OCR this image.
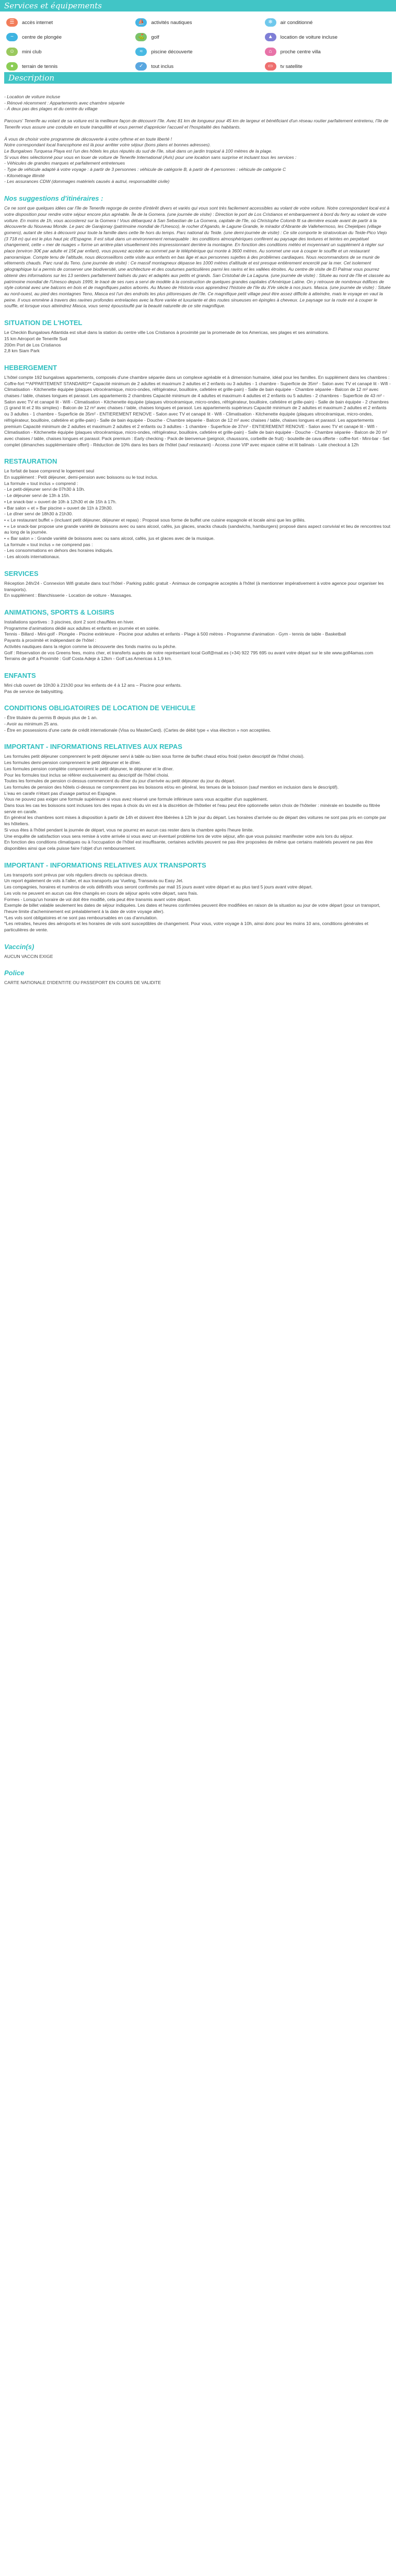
Services et équipements
☰	accès internet	⛵	activités nautiques	❄	air conditionné
~	centre de plongée	⛳	golf	▲	location de voiture incluse
☺	mini club	≈	piscine découverte	⌂	proche centre villa
●	terrain de tennis	✓	tout inclus	▭	tv satellite
Description
- Location de voiture incluse
- Rénové récemment : Appartements avec chambre séparée
- À deux pas des plages et du centre du village
Parcours' Tenerife au volant de sa voiture est la meilleure façon de découvrir l'île. Avec 81 km de longueur pour 45 km de largeur et bénéficiant d'un réseau routier parfaitement entretenu, l'île de Tenerife vous assure une conduite en toute tranquillité et vous permet d'apprécier l'accueil et l'hospitalité des habitants.
À vous de choisir votre programme de découverte à votre rythme et en toute liberté !
Notre correspondant local francophone est là pour arrêter votre séjour (bons plans et bonnes adresses).
Le Bungalows Turquesa Playa est l'un des hôtels les plus réputés du sud de l'île, situé dans un jardin tropical à 100 mètres de la plage.
Si vous êtes sélectionné pour vous en louer de voiture de Tenerife International (Avis) pour une location sans surprise et incluant tous les services :
- Véhicules de grandes marques et parfaitement entretenues
- Type de véhicule adapté à votre voyage : à partir de 3 personnes : véhicule de catégorie B, à partir de 4 personnes : véhicule de catégorie C
- Kilométrage illimité
- Les assurances CDW (dommages matériels causés à autrui, responsabilité civile)
Nos suggestions d'itinéraires :
Ce ne sont que quelques idées car l'île de Tenerife regorge de centre d'intérêt divers et variés qui vous sont très facilement accessibles au volant de votre voiture. Notre correspondant local est à votre disposition pour rendre votre séjour encore plus agréable. Île de la Gomera. (une journée de visite) : Direction le port de Los Cristianos et embarquement à bord du ferry au volant de votre voiture. En moins de 1h, vous accosterez sur la Gomera ! Vous débarquez à San Sebastian de La Gomera, capitale de l'île, où Christophe Colomb fit sa dernière escale avant de partir à la découverte du Nouveau Monde. Le parc de Garajonay (patrimoine mondial de l'Unesco), le rocher d'Agando, le Lagune Grande, le mirador d'Abrante de Vallehermoso, les Chejelipes (village gomero), autant de sites à découvrir pour toute la famille dans cette île hors du temps. Parc national du Teide. (une demi-journée de visite) : Ce site comporte le stratovolcan du Teide-Pico Viejo (3 718 m) qui est le plus haut pic d'Espagne. Il est situé dans un environnement remarquable : les conditions atmosphériques confèrent au paysage des textures et teintes en perpétuel changement, cette « mer de nuages » forme un arrière-plan visuellement très impressionnant derrière la montagne. En fonction des conditions météo et moyennant un supplément à régler sur place (environ 30€ par adulte et 15€ par enfant), vous pouvez accéder au sommet par le téléphérique qui monte à 3600 mètres. Au sommet une vue à couper le souffle et un restaurant panoramique. Compte tenu de l'altitude, nous déconseillons cette visite aux enfants en bas âge et aux personnes sujettes à des problèmes cardiaques. Nous recommandons de se munir de vêtements chauds. Parc rural du Teno. (une journée de visite) : Ce massif montagneux dépasse les 1000 mètres d'altitude et est presque entièrement encerclé par la mer. Cet isolement géographique lui a permis de conserver une biodiversité, une architecture et des coutumes particulières parmi les ravins et les vallées étroites. Au centre de visite de El Palmar vous pourrez obtenir des informations sur les 13 sentiers parfaitement balisés du parc et adaptés aux petits et grands. San Cristobal de La Laguna. (une journée de visite) : Située au nord de l'île et classée au patrimoine mondial de l'Unesco depuis 1999, le tracé de ses rues a servi de modèle à la construction de quelques grandes capitales d'Amérique Latine. On y retrouve de nombreux édifices de style colonial avec une balcons en bois et de magnifiques patios arborés. Au Museo de Historia vous apprendrez l'histoire de l'île du XVe siècle à nos jours. Masca. (une journée de visite) : Située au nord-ouest, au pied des montagnes Teno, Masca est l'un des endroits les plus pittoresques de l'île. Ce magnifique petit village peut être assez difficile à atteindre, mais le voyage en vaut la peine. Il vous emmène à travers des ravines profondes entrelacées avec la flore variée et luxuriante et des routes sinueuses en épingles à cheveux. Le paysage sur la route est à couper le souffle, et lorsque vous atteindrez Masca, vous serez époustouflé par la beauté naturelle de ce site magnifique.
SITUATION DE L'HOTEL
Le Checkin Bungalows Atlantida est situé dans la station du centre ville Los Cristianos à proximité par la promenade de los Americas, ses plages et ses animations.
15 km Aéroport de Tenerife Sud
200m Port de Los Cristianos
2,8 km Siam Park
HEBERGEMENT
L'hôtel compte 192 bungalows appartements, composés d'une chambre séparée dans un complexe agréable et à dimension humaine, idéal pour les familles. En supplément dans les chambres : Coffre-fort **APPARTEMENT STANDARD** Capacité minimum de 2 adultes et maximum 2 adultes et 2 enfants ou 3 adultes - 1 chambre - Superficie de 35m² - Salon avec TV et canapé lit - Wifi - Climatisation - Kitchenette équipée (plaques vitrocéramique, micro-ondes, réfrigérateur, bouilloire, cafetière et grille-pain) - Salle de bain équipée - Chambre séparée - Balcon de 12 m² avec chaises / table, chaises longues et parasol. Les appartements 2 chambres Capacité minimum de 4 adultes et maximum 4 adultes et 2 enfants ou 5 adultes - 2 chambres - Superficie de 43 m² - Salon avec TV et canapé lit - Wifi - Climatisation - Kitchenette équipée (plaques vitrocéramique, micro-ondes, réfrigérateur, bouilloire, cafetière et grille-pain) - Salle de bain équipée - 2 chambres (1 grand lit et 2 lits simples) - Balcon de 12 m² avec chaises / table, chaises longues et parasol. Les appartements supérieurs Capacité minimum de 2 adultes et maximum 2 adultes et 2 enfants ou 3 adultes - 1 chambre - Superficie de 35m² - ENTIEREMENT RENOVE - Salon avec TV et canapé lit - Wifi - Climatisation - Kitchenette équipée (plaques vitrocéramique, micro-ondes, réfrigérateur, bouilloire, cafetière et grille-pain) - Salle de bain équipée - Douche - Chambre séparée - Balcon de 12 m² avec chaises / table, chaises longues et parasol. Les appartements premium Capacité minimum de 2 adultes et maximum 2 adultes et 2 enfants ou 3 adultes - 1 chambre - Superficie de 37m² - ENTIEREMENT RENOVE - Salon avec TV et canapé lit - Wifi - Climatisation - Kitchenette équipée (plaques vitrocéramique, micro-ondes, réfrigérateur, bouilloire, cafetière et grille-pain) - Salle de bain équipée - Douche - Chambre séparée - Balcon de 20 m² avec chaises / table, chaises longues et parasol. Pack premium : Early checking - Pack de bienvenue (peignoir, chaussons, corbeille de fruit) - bouteille de cava offerte - coffre-fort - Mini-bar - Set complet (dimanches supplémentaire offert) - Réduction de 10% dans les bars de l'hôtel (sauf restaurant) - Access zone VIP avec espace calme et lit balinais - Late checkout à 12h
RESTAURATION
Le forfait de base comprend le logement seul
En supplément : Petit déjeuner, demi-pension avec boissons ou le tout inclus.
La formule « tout inclus » comprend :
- Le petit-déjeuner servi de 07h30 à 10h.
- Le déjeuner servi de 13h à 15h.
• Le snack-bar » ouvert de 10h à 12h30 et de 15h à 17h.
• Bar salon « et » Bar piscine » ouvert de 11h à 23h30.
- Le dîner servi de 18h30 à 21h30.
• « Le restaurant buffet » (incluant petit déjeuner, déjeuner et repas) : Proposé sous forme de buffet une cuisine espagnole et locale ainsi que les grillés.
• « Le snack-bar propose une grande variété de boissons avec ou sans alcool, cafés, jus glaces, snacks chauds (sandwichs, hamburgers) proposé dans aspect convivial et lieu de rencontres tout au long de la journée.
• « Bar salon » : Grande variété de boissons avec ou sans alcool, cafés, jus et glaces avec de la musique.
La formule « tout inclus » ne comprend pas :
- Les consommations en dehors des horaires indiqués.
- Les alcools internationaux.
SERVICES
Réception 24h/24 - Connexion Wifi gratuite dans tout l'hôtel - Parking public gratuit - Animaux de compagnie acceptés à l'hôtel (à mentionner impérativement à votre agence pour organiser les transports).
En supplément : Blanchisserie - Location de voiture - Massages.
ANIMATIONS, SPORTS & LOISIRS
Installations sportives : 3 piscines, dont 2 sont chauffées en hiver.
Programme d'animations dédié aux adultes et enfants en journée et en soirée.
Tennis - Billard - Mini-golf - Plongée - Piscine extérieure - Piscine pour adultes et enfants - Plage à 500 mètres - Programme d'animation - Gym - tennis de table - Basketball
Payants à proximité et indépendant de l'hôtel :
Activités nautiques dans la région comme la découverte des fonds marins ou la pêche.
Golf : Réservation de vos Greens fees, moins cher, et transferts auprès de notre représentant local Golf@mail.es (+34) 922 795 695 ou avant votre départ sur le site www.golf4amas.com
Terrains de golf à Proximité : Golf Costa Adeje à 12km - Golf Las Americas à 1,9 km.
ENFANTS
Mini club ouvert de 10h30 à 21h30 pour les enfants de 4 à 12 ans – Piscine pour enfants.
Pas de service de babysitting.
CONDITIONS OBLIGATOIRES DE LOCATION DE VEHICULE
- Être titulaire du permis B depuis plus de 1 an.
- Avoir au minimum 25 ans.
- Être en possessions d'une carte de crédit internationale (Visa ou MasterCard). (Cartes de débit type « visa électron » non acceptées.
IMPORTANT - INFORMATIONS RELATIVES AUX REPAS
Les formules petit déjeuner comprennent le petit déjeuner servi à table ou bien sous forme de buffet chaud et/ou froid (selon descriptif de l'hôtel choisi).
Les formules demi-pension comprennent le petit déjeuner et le dîner.
Les formules pension complète comprennent le petit déjeuner, le déjeuner et le dîner.
Pour les formules tout inclus se référer exclusivement au descriptif de l'hôtel choisi.
Toutes les formules de pension ci-dessus commencent du dîner du jour d'arrivée au petit déjeuner du jour du départ.
Les formules de pension des hôtels ci-dessus ne comprennent pas les boissons et/ou en général, les tenues de la boisson (sauf mention en inclusion dans le descriptif).
L'eau en carafe n'étant pas d'usage partout en Espagne.
Vous ne pouvez pas exiger une formule supérieure si vous avez réservé une formule inférieure sans vous acquitter d'un supplément.
Dans tous les cas les boissons sont incluses lors des repas à choix du vin est à la discrétion de l'hôtelier et l'eau peut être optionnelle selon choix de l'hôtelier : minérale en bouteille ou filtrée servie en carafe.
En général les chambres sont mises à disposition à partir de 14h et doivent être libérées à 12h le jour du départ. Les horaires d'arrivée ou de départ des voitures ne sont pas pris en compte par les hôteliers.
Si vous êtes à l'hôtel pendant la journée de départ, vous ne pourrez en aucun cas rester dans la chambre après l'heure limite.
Une enquête de satisfaction vous sera remise à votre arrivée si vous avez un éventuel problème lors de votre séjour, afin que vous puissiez manifester votre avis lors du séjour.
En fonction des conditions climatiques ou à l'occupation de l'hôtel est insuffisante, certaines activités peuvent ne pas être proposées de même que certains matériels peuvent ne pas être disponibles ainsi que cela puisse faire l'objet d'un remboursement.
IMPORTANT - INFORMATIONS RELATIVES AUX TRANSPORTS
Les transports sont prévus par vols réguliers directs ou spéciaux directs.
Un report également de vols à l'aller, et aux transports par Vueling, Transavia ou Easy Jet.
Les compagnies, horaires et numéros de vols définitifs vous seront confirmés par mail 15 jours avant votre départ et au plus tard 5 jours avant votre départ.
Les vols ne peuvent en aucun cas être changés en cours de séjour après votre départ, sans frais.
Formes - Lorsqu'un horaire de vol doit être modifié, cela peut être transmis avant votre départ.
Exemple de billet valable seulement les dates de séjour indiquées. Les dates et heures confirmées peuvent être modifiées en raison de la situation au jour de votre départ (pour un transport, l'heure limite d'acheminement est préalablement à la date de votre voyage aller).
*Les vols sont obligatoires et ne sont pas remboursables en cas d'annulation.
*Les retraites, heures des aéroports et les horaires de vols sont susceptibles de changement. Pour vous, votre voyage à 10h, ainsi donc pour les moins 10 ans, conditions générales et particulières de vente.
Vaccin(s)
AUCUN VACCIN EXIGE
Police
CARTE NATIONALE D'IDENTITE OU PASSEPORT EN COURS DE VALIDITE
